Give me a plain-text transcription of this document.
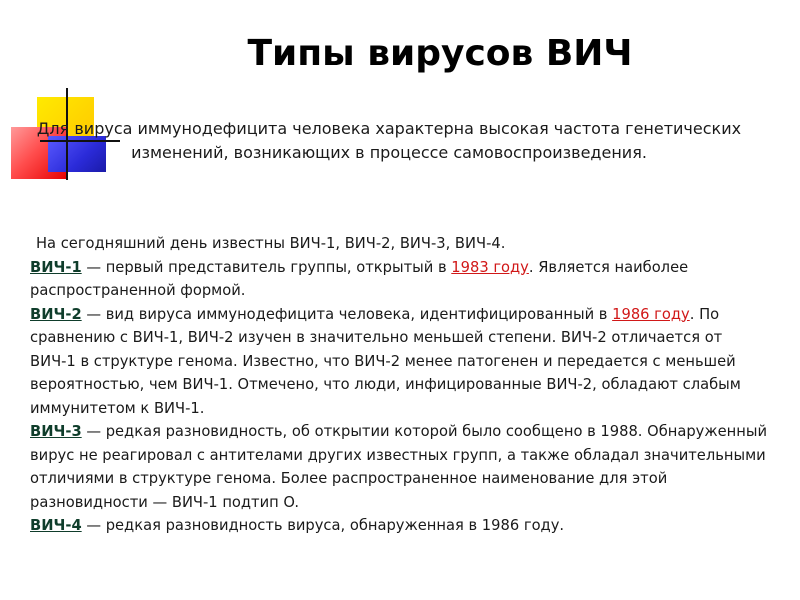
Типы вирусов ВИЧ
Для вируса иммунодефицита человека характерна высокая частота генетических изменений, возникающих в процессе самовоспроизведения.

На сегодняшний день известны ВИЧ-1, ВИЧ-2, ВИЧ-3, ВИЧ-4.

ВИЧ-1 — первый представитель группы, открытый в 1983 году. Является наиболее распространенной формой.

ВИЧ-2 — вид вируса иммунодефицита человека, идентифицированный в 1986 году. По сравнению с ВИЧ-1, ВИЧ-2 изучен в значительно меньшей степени. ВИЧ-2 отличается от ВИЧ-1 в структуре генома. Известно, что ВИЧ-2 менее патогенен и передается с меньшей вероятностью, чем ВИЧ-1. Отмечено, что люди, инфицированные ВИЧ-2, обладают слабым иммунитетом к ВИЧ-1.

ВИЧ-3 — редкая разновидность, об открытии которой было сообщено в 1988. Обнаруженный вирус не реагировал с антителами других известных групп, а также обладал значительными отличиями в структуре генома. Более распространенное наименование для этой разновидности — ВИЧ-1 подтип O.

ВИЧ-4 — редкая разновидность вируса, обнаруженная в 1986 году.
